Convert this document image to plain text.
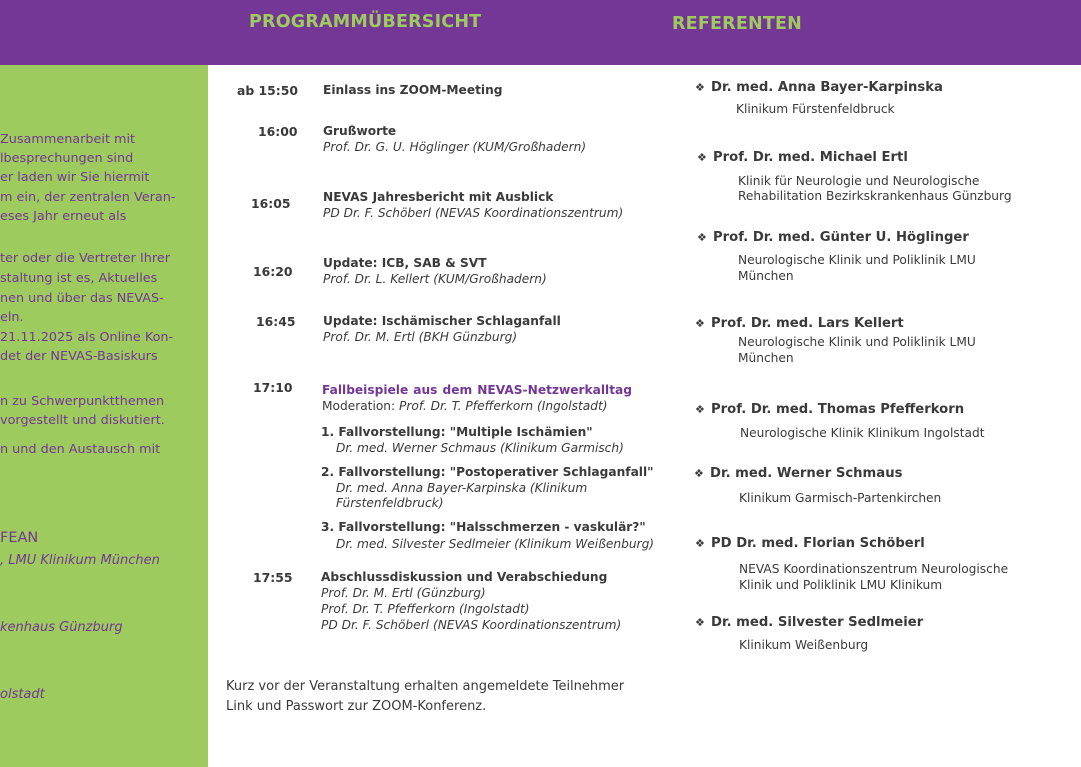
PROGRAMMÜBERSICHT	REFERENTEN
Zusammenarbeit mit
lbesprechungen sind
er laden wir Sie hiermit
m ein, der zentralen Veran-
eses Jahr erneut als
ter oder die Vertreter Ihrer
staltung ist es, Aktuelles
nen und über das NEVAS-
eln.
21.11.2025 als Online Kon-
det der NEVAS-Basiskurs
n zu Schwerpunktthemen
vorgestellt und diskutiert.
n und den Austausch mit
FEAN
, LMU Klinikum München
kenhaus Günzburg
olstadt
ab 15:50 Einlass ins ZOOM-Meeting
16:00 Grußworte
Prof. Dr. G. U. Höglinger (KUM/Großhadern)
16:05	NEVAS Jahresbericht mit Ausblick
PD Dr. F. Schöberl (NEVAS Koordinationszentrum)
16:20
Update: ICB, SAB & SVT
Prof. Dr. L. Kellert (KUM/Großhadern)
16:45 Update: Ischämischer Schlaganfall
Prof. Dr. M. Ertl (BKH Günzburg)
17:10 Fallbeispiele aus dem NEVAS-Netzwerkalltag
Moderation: Prof. Dr. T. Pfefferkorn (Ingolstadt)
1. Fallvorstellung: "Multiple Ischämien"
Dr. med. Werner Schmaus (Klinikum Garmisch)
2. Fallvorstellung: "Postoperativer Schlaganfall"
Dr. med. Anna Bayer-Karpinska (Klinikum
Fürstenfeldbruck)
3. Fallvorstellung: "Halsschmerzen - vaskulär?"
Dr. med. Silvester Sedlmeier (Klinikum Weißenburg)
17:55 Abschlussdiskussion und Verabschiedung
Prof. Dr. M. Ertl (Günzburg)
Prof. Dr. T. Pfefferkorn (Ingolstadt)
PD Dr. F. Schöberl (NEVAS Koordinationszentrum)
Kurz vor der Veranstaltung erhalten angemeldete Teilnehmer
Link und Passwort zur ZOOM-Konferenz.
❖ Dr. med. Anna Bayer-Karpinska
Klinikum Fürstenfeldbruck
❖ Prof. Dr. med. Michael Ertl
Klinik für Neurologie und Neurologische
Rehabilitation Bezirkskrankenhaus Günzburg
❖ Prof. Dr. med. Günter U. Höglinger
Neurologische Klinik und Poliklinik LMU
München
❖ Prof. Dr. med. Lars Kellert
Neurologische Klinik und Poliklinik LMU
München
❖ Prof. Dr. med. Thomas Pfefferkorn
Neurologische Klinik Klinikum Ingolstadt
❖ Dr. med. Werner Schmaus
Klinikum Garmisch-Partenkirchen
❖ PD Dr. med. Florian Schöberl
NEVAS Koordinationszentrum Neurologische
Klinik und Poliklinik LMU Klinikum
❖ Dr. med. Silvester Sedlmeier
Klinikum Weißenburg
